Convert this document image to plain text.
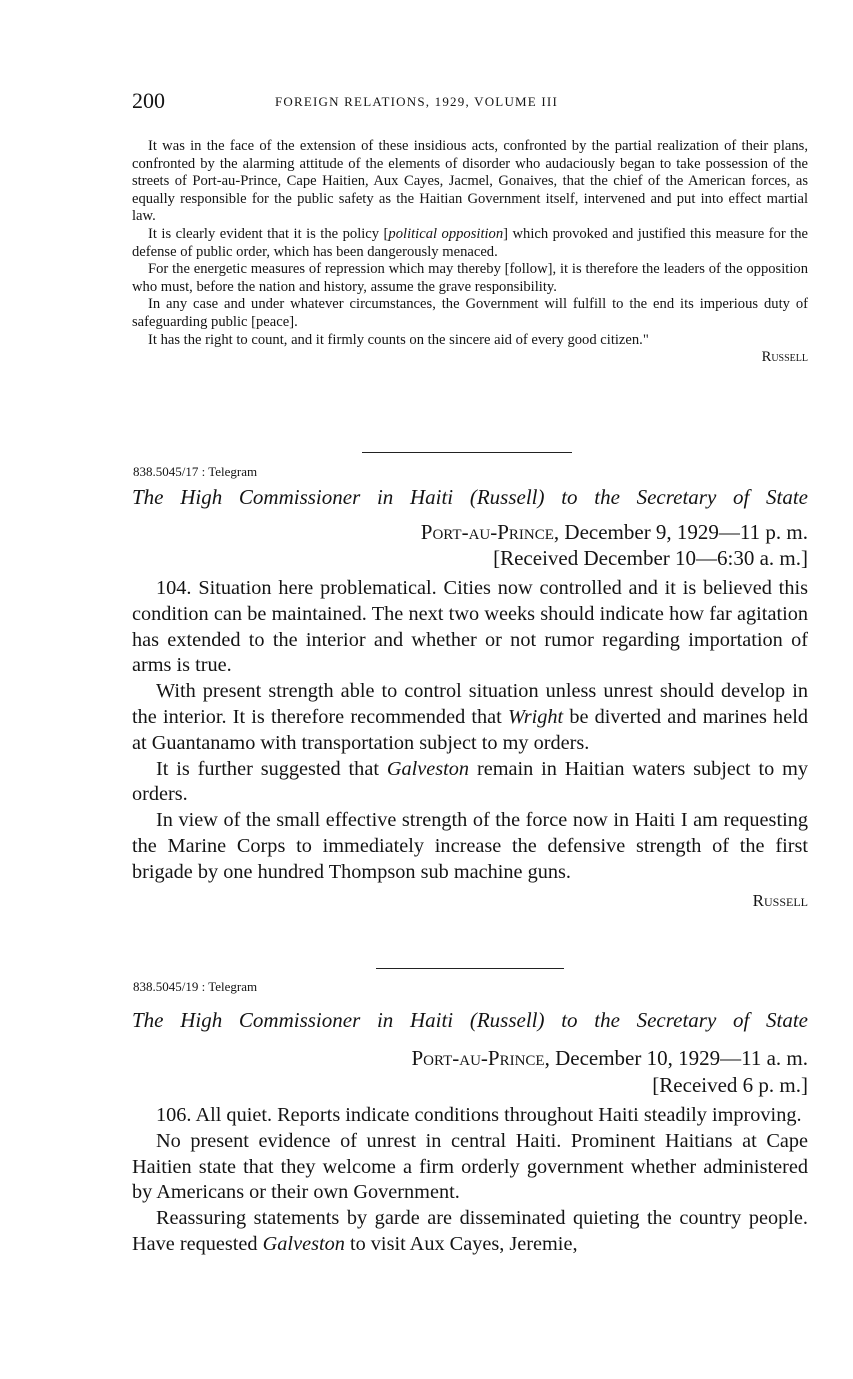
200	FOREIGN RELATIONS, 1929, VOLUME III

It was in the face of the extension of these insidious acts, confronted by the partial realization of their plans, confronted by the alarming attitude of the elements of disorder who audaciously began to take possession of the streets of Port-au-Prince, Cape Haitien, Aux Cayes, Jacmel, Gonaives, that the chief of the American forces, as equally responsible for the public safety as the Haitian Government itself, intervened and put into effect martial law.

It is clearly evident that it is the policy [political opposition] which provoked and justified this measure for the defense of public order, which has been dangerously menaced.

For the energetic measures of repression which may thereby [follow], it is therefore the leaders of the opposition who must, before the nation and history, assume the grave responsibility.

In any case and under whatever circumstances, the Government will fulfill to the end its imperious duty of safeguarding public [peace].

It has the right to count, and it firmly counts on the sincere aid of every good citizen."

Russell
838.5045/17 : Telegram
The High Commissioner in Haiti (Russell) to the Secretary of State
Port-au-Prince, December 9, 1929—11 p. m.
[Received December 10—6:30 a. m.]

104. Situation here problematical. Cities now controlled and it is believed this condition can be maintained. The next two weeks should indicate how far agitation has extended to the interior and whether or not rumor regarding importation of arms is true.

With present strength able to control situation unless unrest should develop in the interior. It is therefore recommended that Wright be diverted and marines held at Guantanamo with transportation subject to my orders.

It is further suggested that Galveston remain in Haitian waters subject to my orders.

In view of the small effective strength of the force now in Haiti I am requesting the Marine Corps to immediately increase the defensive strength of the first brigade by one hundred Thompson sub machine guns.

Russell
838.5045/19 : Telegram
The High Commissioner in Haiti (Russell) to the Secretary of State
Port-au-Prince, December 10, 1929—11 a. m.
[Received 6 p. m.]

106. All quiet. Reports indicate conditions throughout Haiti steadily improving.

No present evidence of unrest in central Haiti. Prominent Haitians at Cape Haitien state that they welcome a firm orderly government whether administered by Americans or their own Government.

Reassuring statements by garde are disseminated quieting the country people. Have requested Galveston to visit Aux Cayes, Jeremie,
